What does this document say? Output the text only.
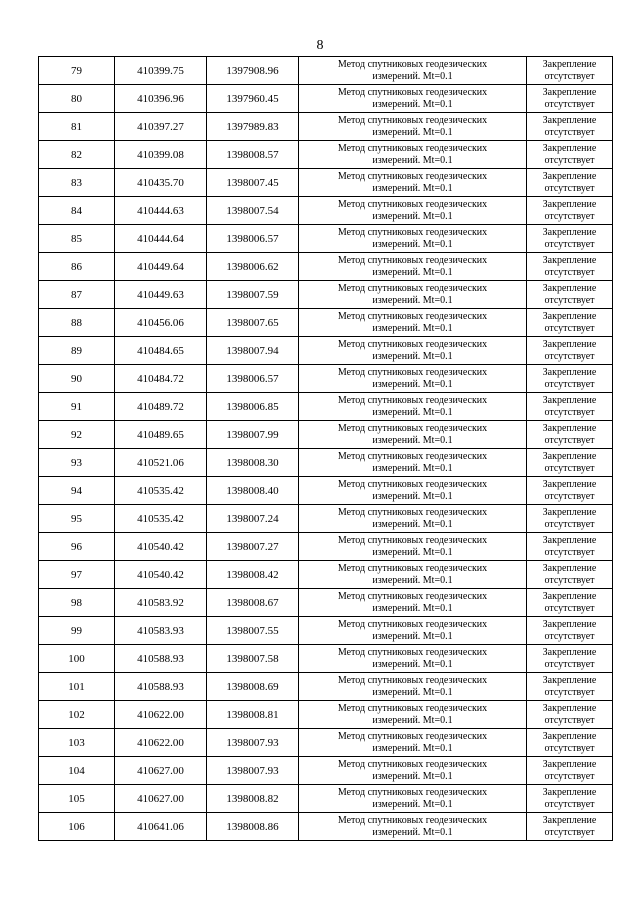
8
79	410399.75	1397908.96	Метод спутниковых геодезических
измерений. Mt=0.1	Закрепление
отсутствует

80	410396.96	1397960.45	Метод спутниковых геодезических
измерений. Mt=0.1	Закрепление
отсутствует

81	410397.27	1397989.83	Метод спутниковых геодезических
измерений. Mt=0.1	Закрепление
отсутствует

82	410399.08	1398008.57	Метод спутниковых геодезических
измерений. Mt=0.1	Закрепление
отсутствует

83	410435.70	1398007.45	Метод спутниковых геодезических
измерений. Mt=0.1	Закрепление
отсутствует

84	410444.63	1398007.54	Метод спутниковых геодезических
измерений. Mt=0.1	Закрепление
отсутствует

85	410444.64	1398006.57	Метод спутниковых геодезических
измерений. Mt=0.1	Закрепление
отсутствует

86	410449.64	1398006.62	Метод спутниковых геодезических
измерений. Mt=0.1	Закрепление
отсутствует

87	410449.63	1398007.59	Метод спутниковых геодезических
измерений. Mt=0.1	Закрепление
отсутствует

88	410456.06	1398007.65	Метод спутниковых геодезических
измерений. Mt=0.1	Закрепление
отсутствует

89	410484.65	1398007.94	Метод спутниковых геодезических
измерений. Mt=0.1	Закрепление
отсутствует

90	410484.72	1398006.57	Метод спутниковых геодезических
измерений. Mt=0.1	Закрепление
отсутствует

91	410489.72	1398006.85	Метод спутниковых геодезических
измерений. Mt=0.1	Закрепление
отсутствует

92	410489.65	1398007.99	Метод спутниковых геодезических
измерений. Mt=0.1	Закрепление
отсутствует

93	410521.06	1398008.30	Метод спутниковых геодезических
измерений. Mt=0.1	Закрепление
отсутствует

94	410535.42	1398008.40	Метод спутниковых геодезических
измерений. Mt=0.1	Закрепление
отсутствует

95	410535.42	1398007.24	Метод спутниковых геодезических
измерений. Mt=0.1	Закрепление
отсутствует

96	410540.42	1398007.27	Метод спутниковых геодезических
измерений. Mt=0.1	Закрепление
отсутствует

97	410540.42	1398008.42	Метод спутниковых геодезических
измерений. Mt=0.1	Закрепление
отсутствует

98	410583.92	1398008.67	Метод спутниковых геодезических
измерений. Mt=0.1	Закрепление
отсутствует

99	410583.93	1398007.55	Метод спутниковых геодезических
измерений. Mt=0.1	Закрепление
отсутствует

100	410588.93	1398007.58	Метод спутниковых геодезических
измерений. Mt=0.1	Закрепление
отсутствует

101	410588.93	1398008.69	Метод спутниковых геодезических
измерений. Mt=0.1	Закрепление
отсутствует

102	410622.00	1398008.81	Метод спутниковых геодезических
измерений. Mt=0.1	Закрепление
отсутствует

103	410622.00	1398007.93	Метод спутниковых геодезических
измерений. Mt=0.1	Закрепление
отсутствует

104	410627.00	1398007.93	Метод спутниковых геодезических
измерений. Mt=0.1	Закрепление
отсутствует

105	410627.00	1398008.82	Метод спутниковых геодезических
измерений. Mt=0.1	Закрепление
отсутствует

106	410641.06	1398008.86	Метод спутниковых геодезических
измерений. Mt=0.1	Закрепление
отсутствует
